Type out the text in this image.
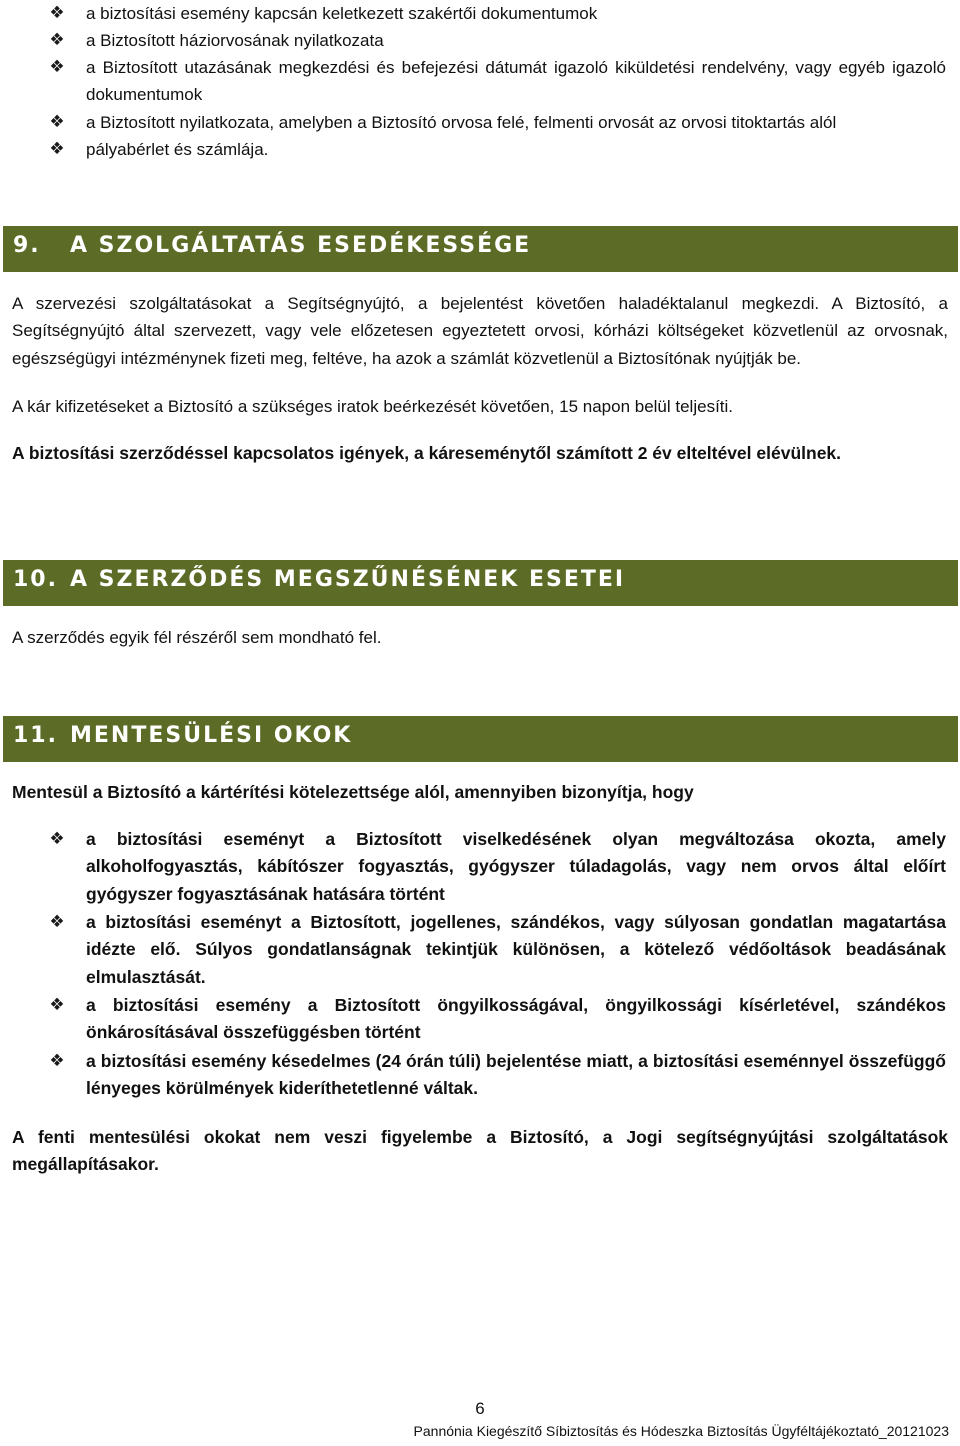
❖ a biztosítási esemény kapcsán keletkezett szakértői dokumentumok
❖ a Biztosított háziorvosának nyilatkozata
❖ a Biztosított utazásának megkezdési és befejezési dátumát igazoló kiküldetési rendelvény, vagy egyéb igazoló dokumentumok
❖ a Biztosított nyilatkozata, amelyben a Biztosító orvosa felé, felmenti orvosát az orvosi titoktartás alól
❖ pályabérlet és számlája.
9. A SZOLGÁLTATÁS ESEDÉKESSÉGE

A szervezési szolgáltatásokat a Segítségnyújtó, a bejelentést követően haladéktalanul megkezdi. A Biztosító, a Segítségnyújtó által szervezett, vagy vele előzetesen egyeztetett orvosi, kórházi költségeket közvetlenül az orvosnak, egészségügyi intézménynek fizeti meg, feltéve, ha azok a számlát közvetlenül a Biztosítónak nyújtják be.

A kár kifizetéseket a Biztosító a szükséges iratok beérkezését követően, 15 napon belül teljesíti.

A biztosítási szerződéssel kapcsolatos igények, a káreseménytől számított 2 év elteltével elévülnek.

10. A SZERZŐDÉS MEGSZŰNÉSÉNEK ESETEI

A szerződés egyik fél részéről sem mondható fel.

11. MENTESÜLÉSI OKOK

Mentesül a Biztosító a kártérítési kötelezettsége alól, amennyiben bizonyítja, hogy

❖ a biztosítási eseményt a Biztosított viselkedésének olyan megváltozása okozta, amely alkoholfogyasztás, kábítószer fogyasztás, gyógyszer túladagolás, vagy nem orvos által előírt gyógyszer fogyasztásának hatására történt
❖ a biztosítási eseményt a Biztosított, jogellenes, szándékos, vagy súlyosan gondatlan magatartása idézte elő. Súlyos gondatlanságnak tekintjük különösen, a kötelező védőoltások beadásának elmulasztását.
❖ a biztosítási esemény a Biztosított öngyilkosságával, öngyilkossági kísérletével, szándékos önkárosításával összefüggésben történt
❖ a biztosítási esemény késedelmes (24 órán túli) bejelentése miatt, a biztosítási eseménnyel összefüggő lényeges körülmények kideríthetetlenné váltak.

A fenti mentesülési okokat nem veszi figyelembe a Biztosító, a Jogi segítségnyújtási szolgáltatások megállapításakor.

6
Pannónia Kiegészítő Síbiztosítás és Hódeszka Biztosítás Ügyféltájékoztató_20121023
